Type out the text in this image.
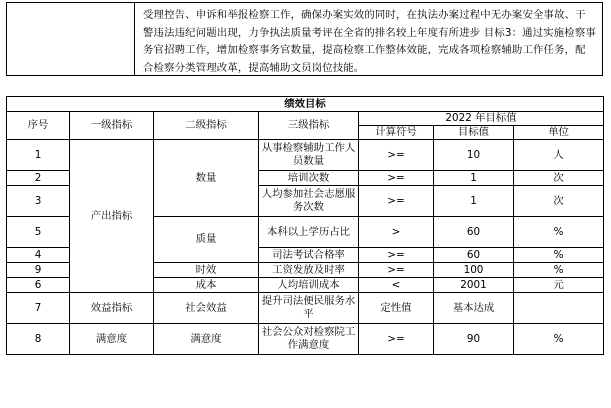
受理控告、申诉和举报检察工作，确保办案实效的同时，在执法办案过程中无办案安全事故、干警违法违纪问题出现，力争执法质量考评在全省的排名较上年度有所进步 目标3：通过实施检察事务官招聘工作，增加检察事务官数量，提高检察工作整体效能，完成各项检察辅助工作任务，配合检察分类管理改革，提高辅助文员岗位技能。
绩效目标						
序号	一级指标	二级指标	三级指标	2022 年目标值		
				计算符号	目标值	单位
1	产出指标	数量	从事检察辅助工作人员数量	>=	10	人
2			培训次数	>=	1	次
3			人均参加社会志愿服务次数	>=	1	次
5		质量	本科以上学历占比	>	60	%
4			司法考试合格率	>=	60	%
9		时效	工资发放及时率	>=	100	%
6		成本	人均培训成本	<	2001	元
7	效益指标	社会效益	提升司法便民服务水平	定性值	基本达成	
8	满意度	满意度	社会公众对检察院工作满意度	>=	90	%
